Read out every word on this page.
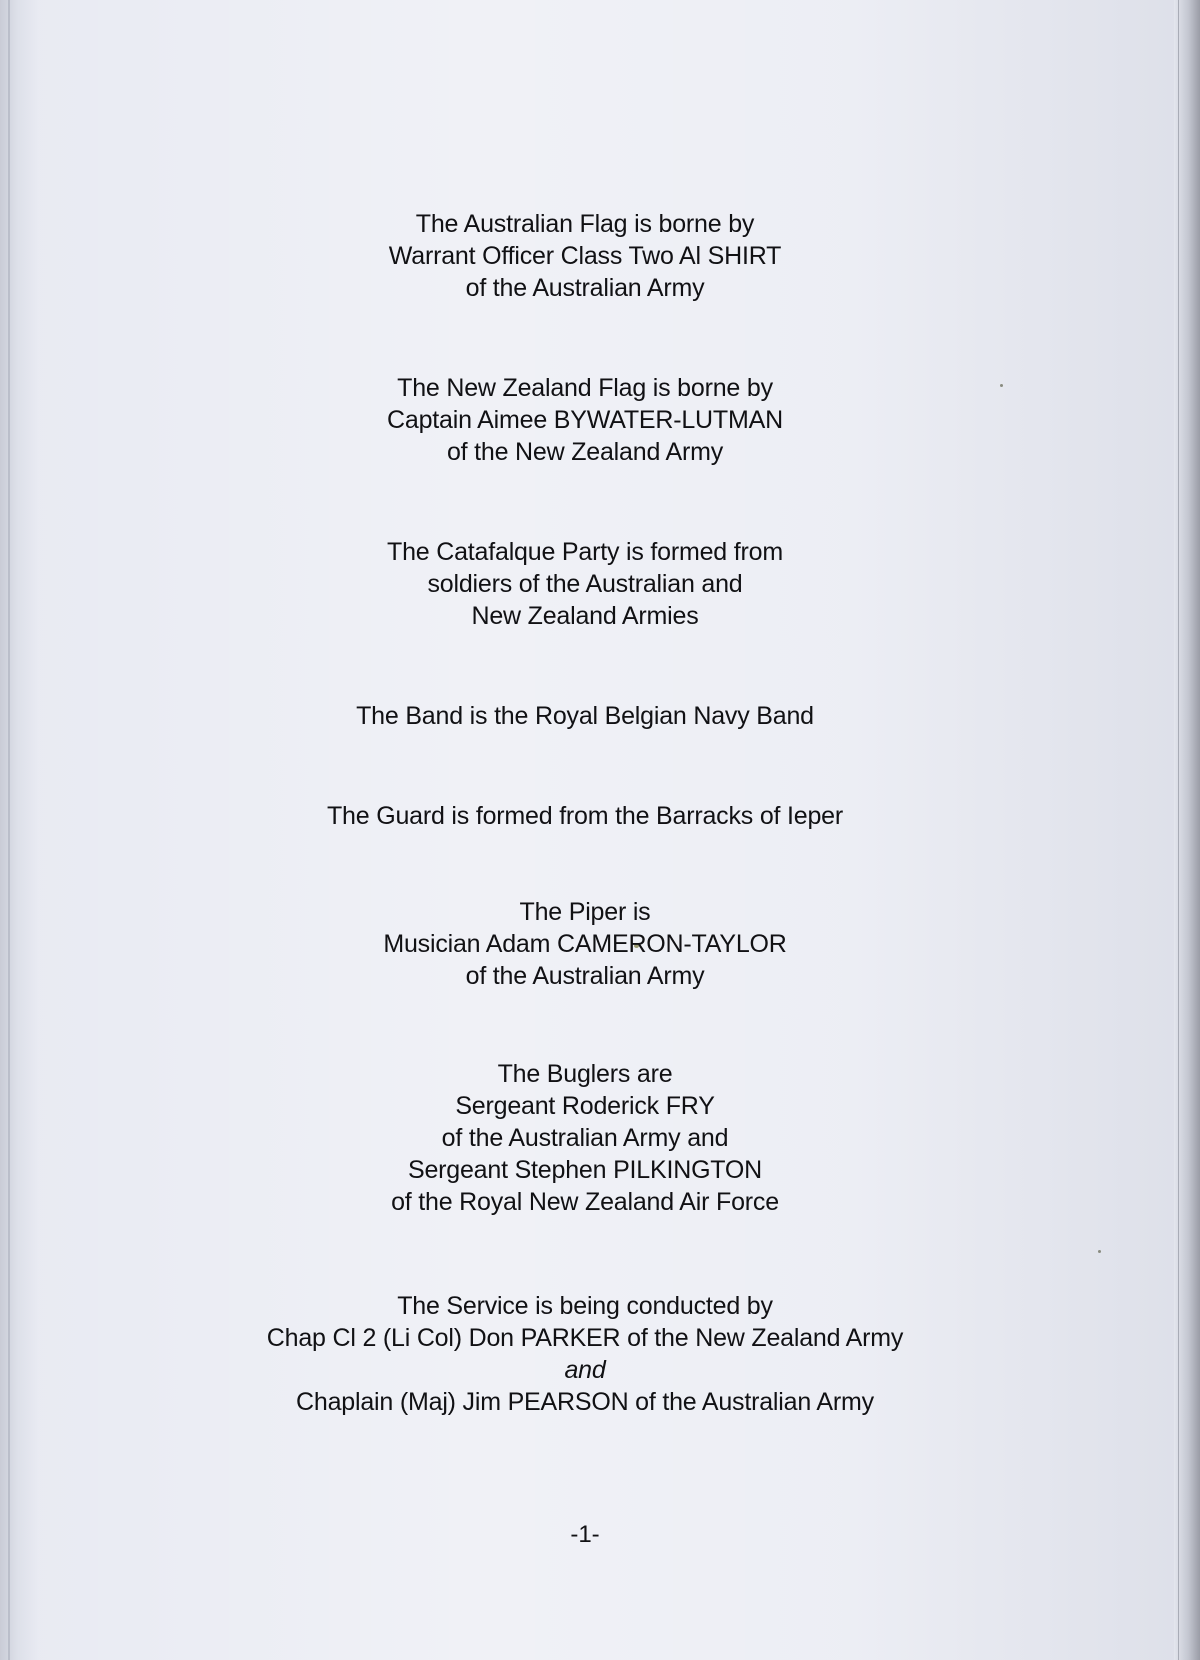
The Australian Flag is borne by
Warrant Officer Class Two Al SHIRT
of the Australian Army
The New Zealand Flag is borne by
Captain Aimee BYWATER-LUTMAN
of the New Zealand Army
The Catafalque Party is formed from
soldiers of the Australian and
New Zealand Armies
The Band is the Royal Belgian Navy Band
The Guard is formed from the Barracks of Ieper
The Piper is
Musician Adam CAMERON-TAYLOR
of the Australian Army
The Buglers are
Sergeant Roderick FRY
of the Australian Army and
Sergeant Stephen PILKINGTON
of the Royal New Zealand Air Force
The Service is being conducted by
Chap Cl 2 (Li Col) Don PARKER of the New Zealand Army
and
Chaplain (Maj) Jim PEARSON of the Australian Army
-1-
